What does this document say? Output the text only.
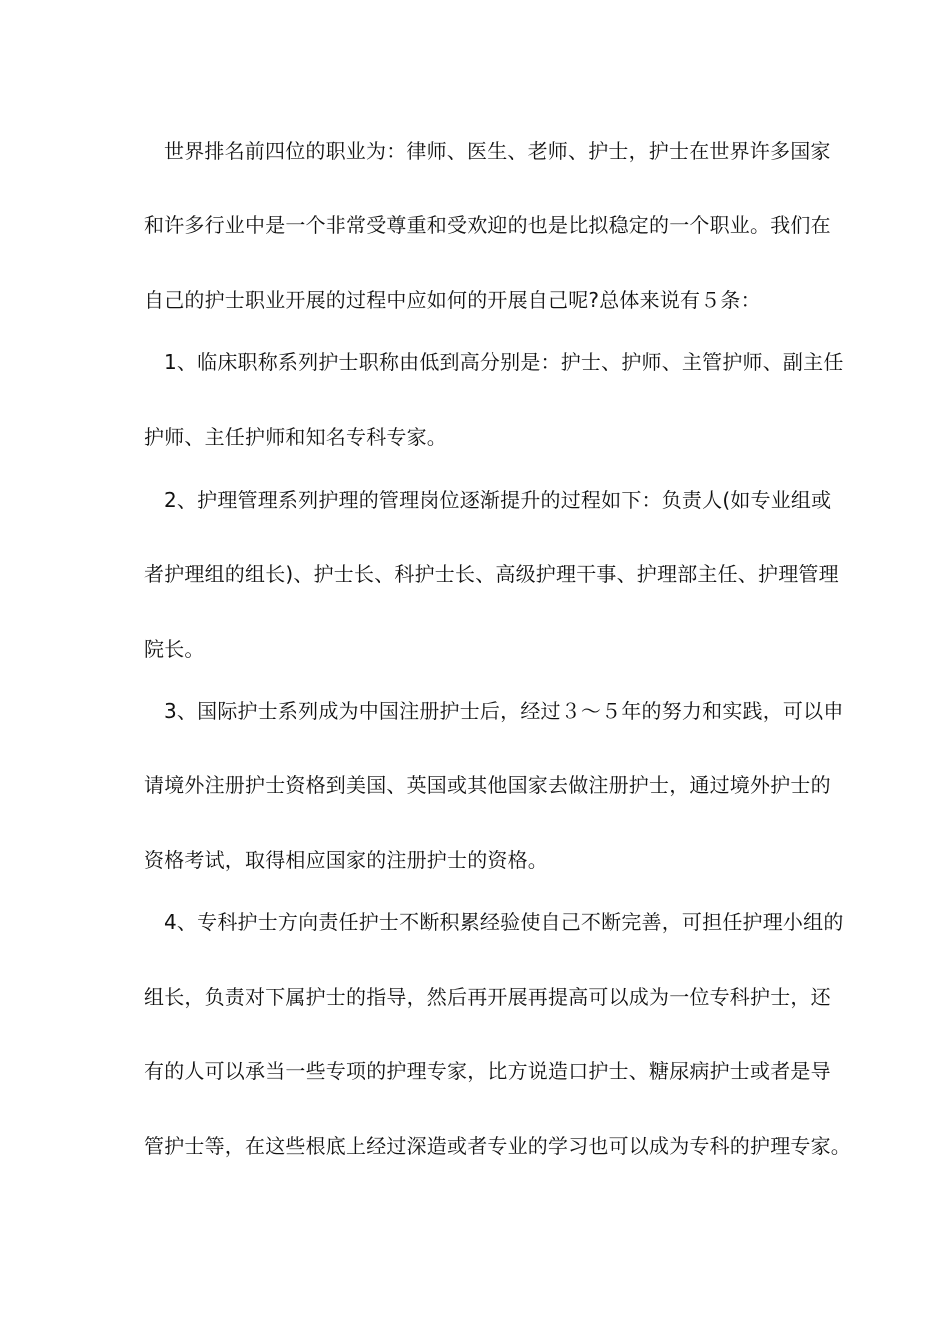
世界排名前四位的职业为：律师、医生、老师、护士，护士在世界许多国家
和许多行业中是一个非常受尊重和受欢迎的也是比拟稳定的一个职业。我们在
自己的护士职业开展的过程中应如何的开展自己呢?总体来说有５条：
1、临床职称系列护士职称由低到高分别是：护士、护师、主管护师、副主任
护师、主任护师和知名专科专家。
2、护理管理系列护理的管理岗位逐渐提升的过程如下：负责人(如专业组或
者护理组的组长)、护士长、科护士长、高级护理干事、护理部主任、护理管理
院长。
3、国际护士系列成为中国注册护士后，经过３～５年的努力和实践，可以申
请境外注册护士资格到美国、英国或其他国家去做注册护士，通过境外护士的
资格考试，取得相应国家的注册护士的资格。
4、专科护士方向责任护士不断积累经验使自己不断完善，可担任护理小组的
组长，负责对下属护士的指导，然后再开展再提高可以成为一位专科护士，还
有的人可以承当一些专项的护理专家，比方说造口护士、糖尿病护士或者是导
管护士等，在这些根底上经过深造或者专业的学习也可以成为专科的护理专家。
